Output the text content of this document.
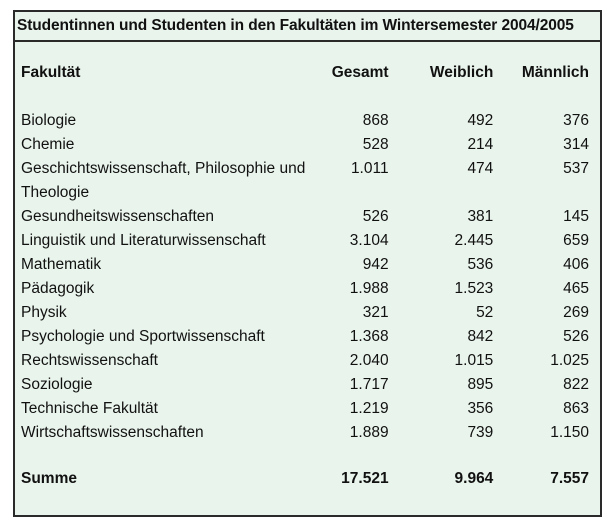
Studentinnen und Studenten in den Fakultäten im Wintersemester 2004/2005
Fakultät	Gesamt	Weiblich	Männlich
Biologie	868	492	376
Chemie	528	214	314
Geschichtswissenschaft, Philosophie und Theologie	1.011	474	537
Gesundheitswissenschaften	526	381	145
Linguistik und Literaturwissenschaft	3.104	2.445	659
Mathematik	942	536	406
Pädagogik	1.988	1.523	465
Physik	321	52	269
Psychologie und Sportwissenschaft	1.368	842	526
Rechtswissenschaft	2.040	1.015	1.025
Soziologie	1.717	895	822
Technische Fakultät	1.219	356	863
Wirtschaftswissenschaften	1.889	739	1.150

Summe	17.521	9.964	7.557
